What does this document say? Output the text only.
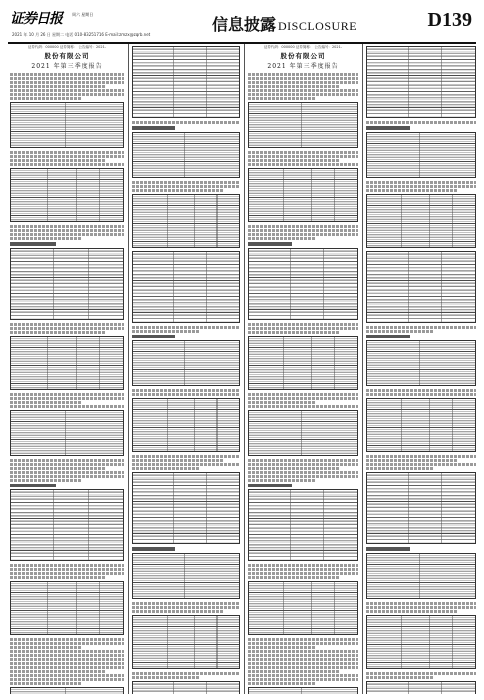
证券日报	周六 星期日
2021 年 10 月 26 日 星期二 电话 010-83251716 E-mail:zmzx@zqrb.net
信息披露 DISCLOSURE	D139
证券代码：000000 证券简称： 公告编号：2021-
股份有限公司
2021 年第三季度报告
证券代码：000000 证券简称： 公告编号：2021-
股份有限公司
2021 年第三季度报告
